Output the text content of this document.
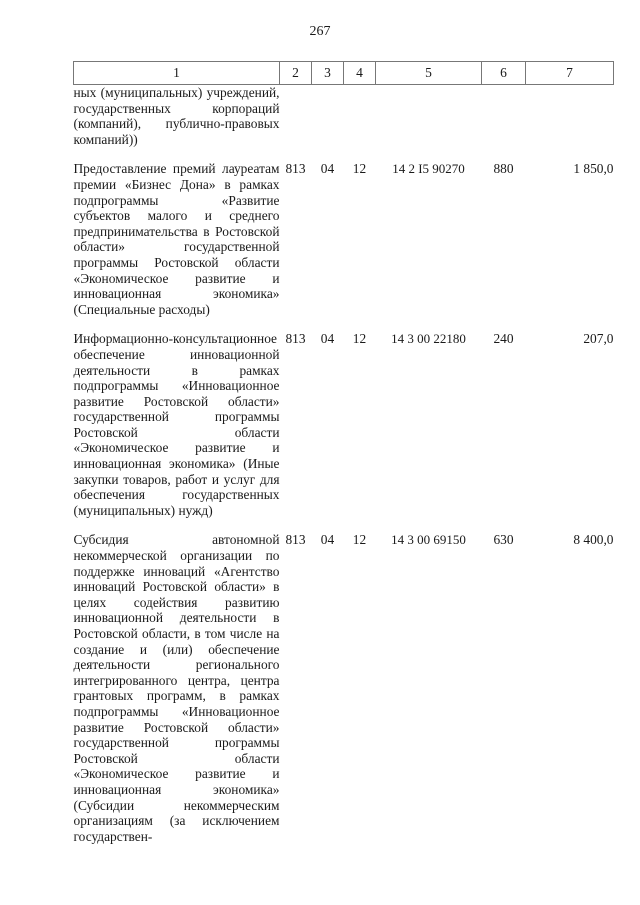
267
1	2	3	4	5	6	7
ных (муниципальных) учреждений, государственных корпораций (компаний), публично-правовых компаний))						
Предоставление премий лауреатам премии «Бизнес Дона» в рамках подпрограммы «Развитие субъектов малого и среднего предпринимательства в Ростовской области» государственной программы Ростовской области «Экономическое развитие и инновационная экономика» (Специальные расходы)	813	04	12	14 2 I5 90270	880	1 850,0
Информационно-консультационное обеспечение инновационной деятельности в рамках подпрограммы «Инновационное развитие Ростовской области» государственной программы Ростовской области «Экономическое развитие и инновационная экономика» (Иные закупки товаров, работ и услуг для обеспечения государственных (муниципальных) нужд)	813	04	12	14 3 00 22180	240	207,0
Субсидия автономной некоммерческой организации по поддержке инноваций «Агентство инноваций Ростовской области» в целях содействия развитию инновационной деятельности в Ростовской области, в том числе на создание и (или) обеспечение деятельности регионального интегрированного центра, центра грантовых программ, в рамках подпрограммы «Инновационное развитие Ростовской области» государственной программы Ростовской области «Экономическое развитие и инновационная экономика» (Субсидии некоммерческим организациям (за исключением государствен-	813	04	12	14 3 00 69150	630	8 400,0
